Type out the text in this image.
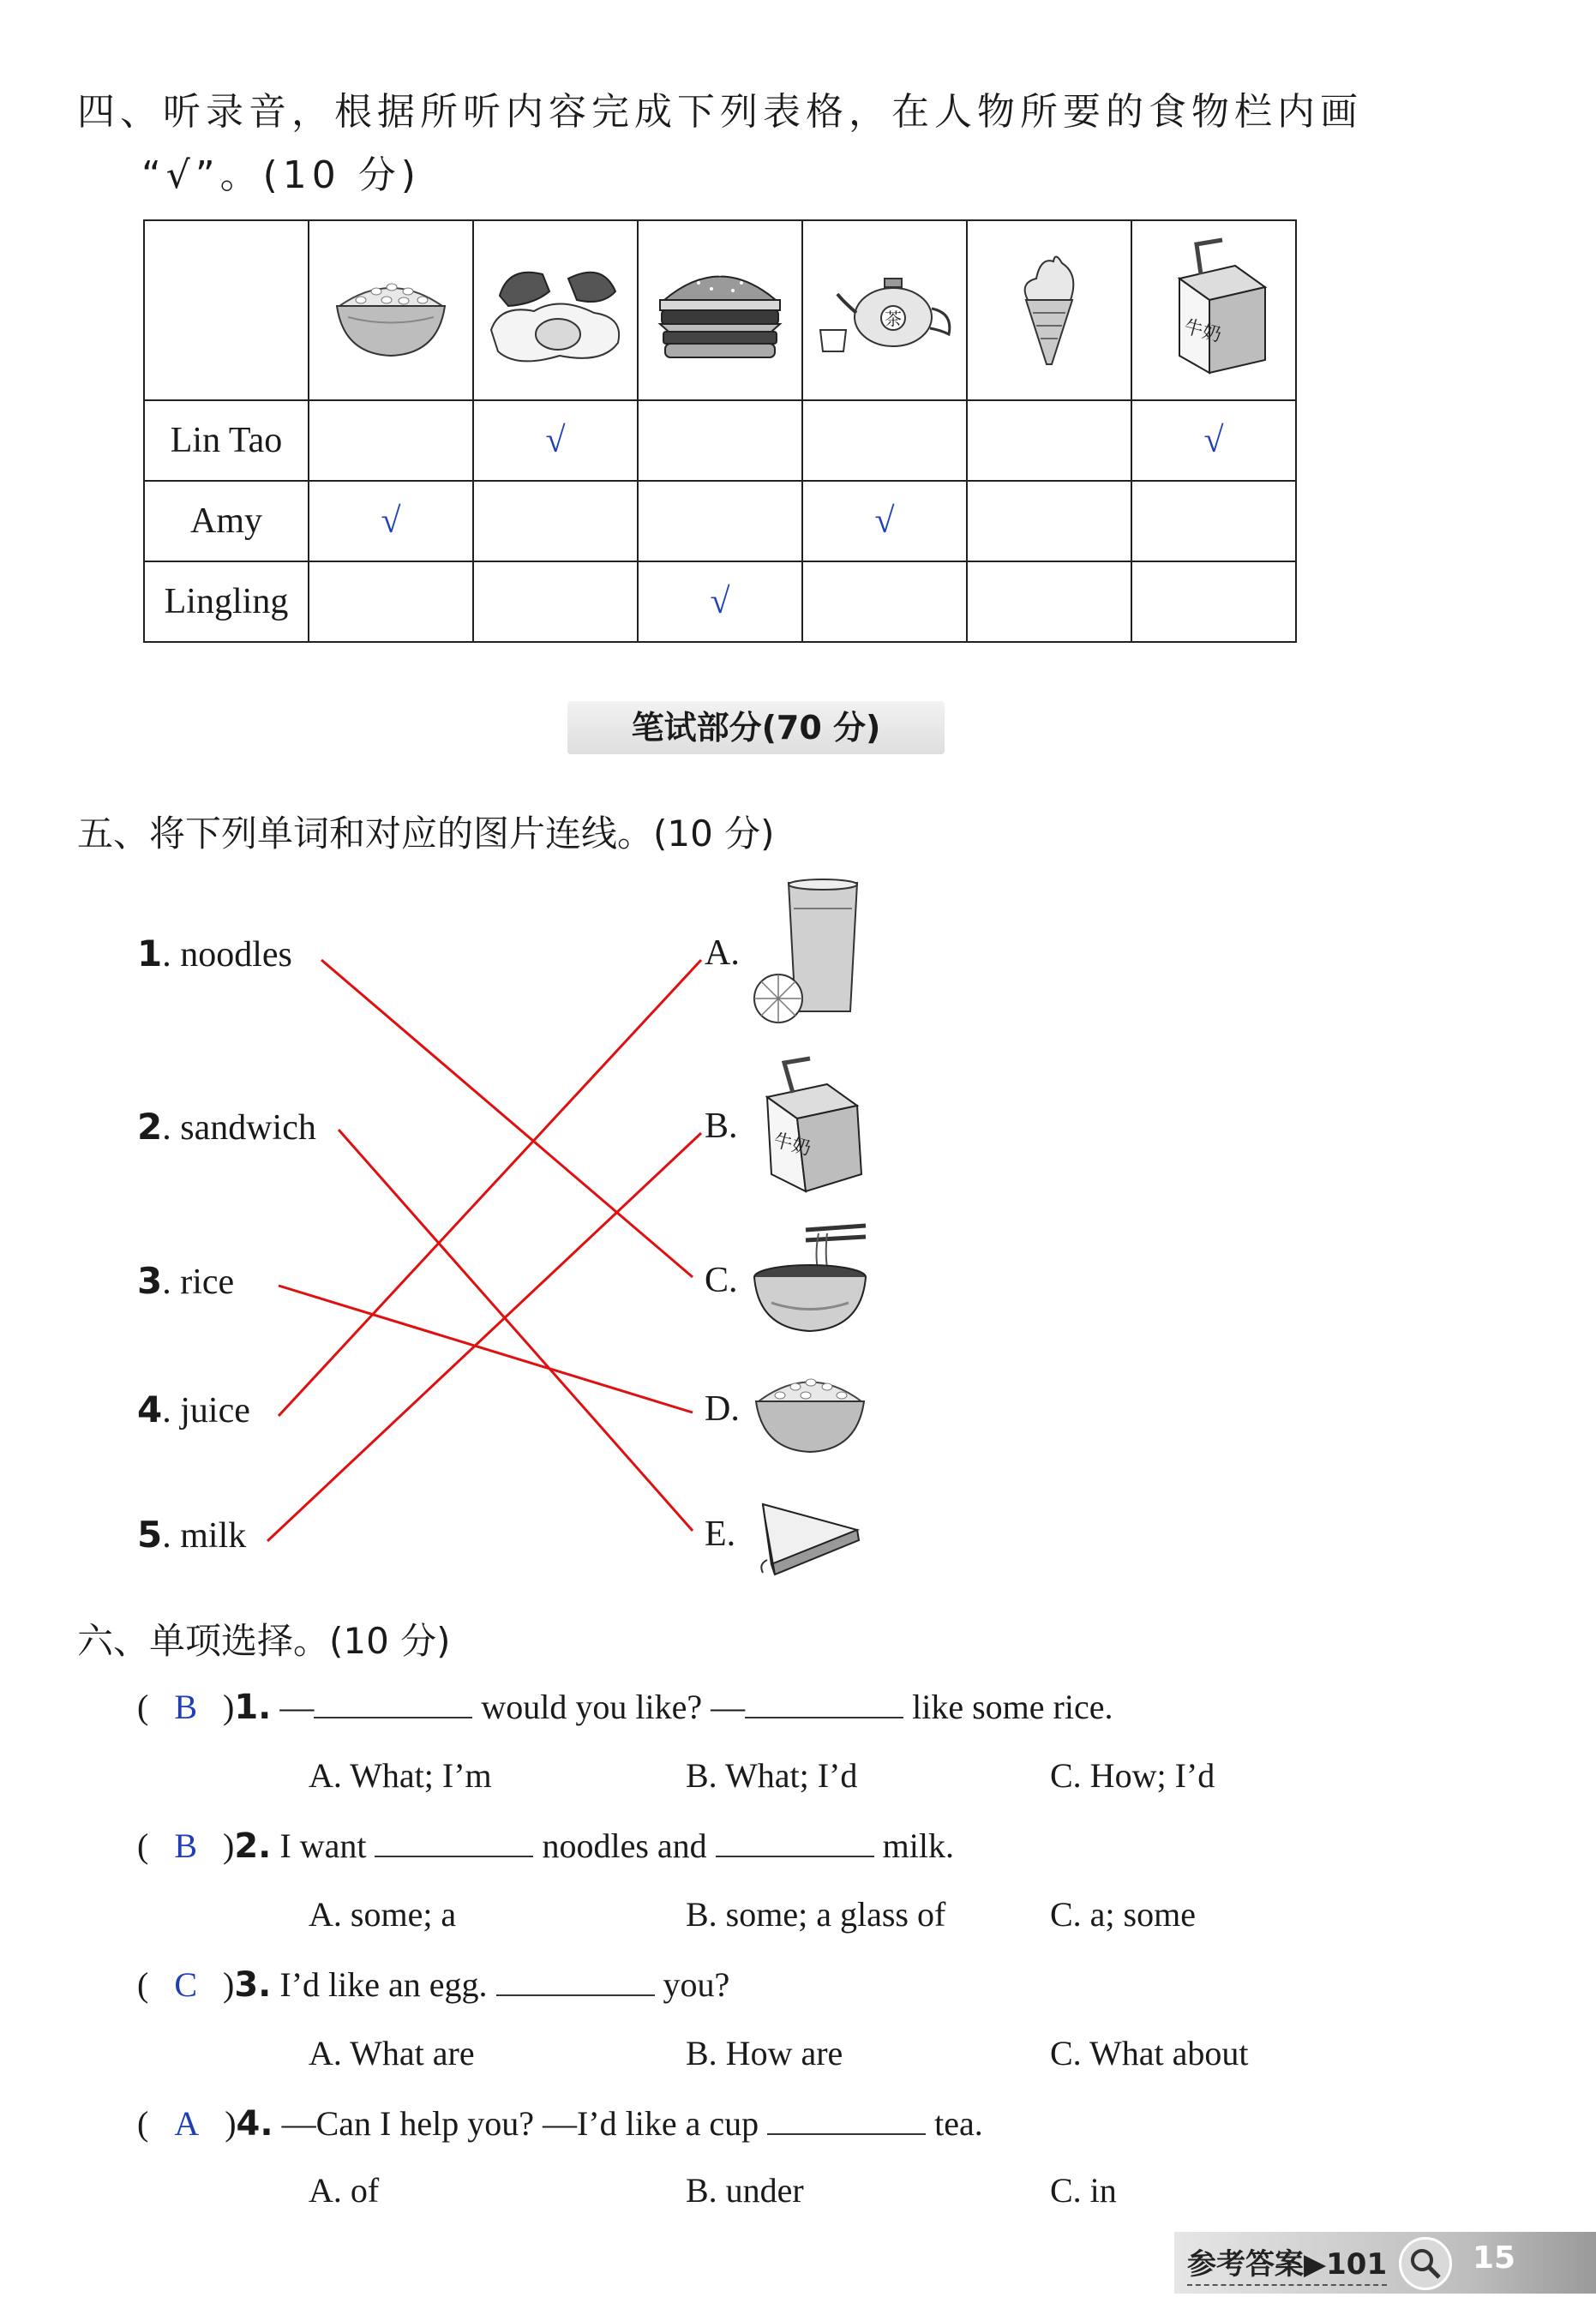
四、听录音，根据所听内容完成下列表格，在人物所要的食物栏内画
“√”。(10 分)

茶		牛奶

Lin Tao		√				√
Amy	√			√		
Lingling			√			
笔试部分(70 分)
五、将下列单词和对应的图片连线。(10 分)
1. noodles
2. sandwich
3. rice
4. juice
5. milk
A.
B.
C.
D.
E.
牛奶
六、单项选择。(10 分)
(   B   )1. —	would you like? —	like some rice.
A. What; I’m	B. What; I’d	C. How; I’d
(   B   )2. I want	noodles and	milk.
A. some; a	B. some; a glass of	C. a; some
(   C   )3. I’d like an egg.	you?
A. What are	B. How are	C. What about
(   A   )4. —Can I help you? —I’d like a cup	tea.
A. of	B. under	C. in
参考答案▶101	15
